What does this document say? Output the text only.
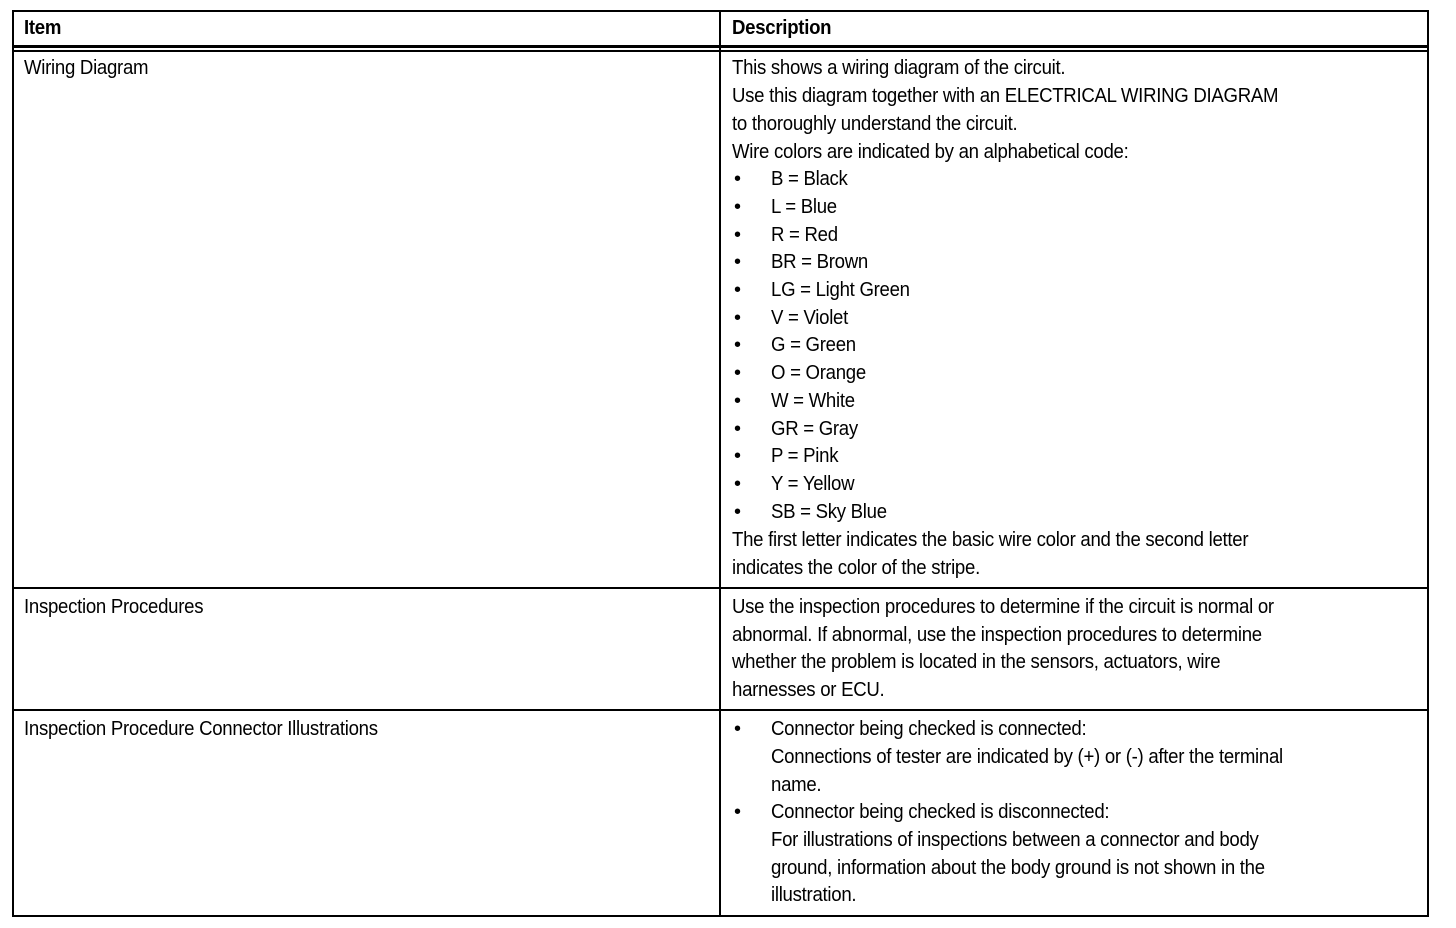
Item	Description
Wiring Diagram	This shows a wiring diagram of the circuit.
Use this diagram together with an ELECTRICAL WIRING DIAGRAM
to thoroughly understand the circuit.
Wire colors are indicated by an alphabetical code:
• B = Black
• L = Blue
• R = Red
• BR = Brown
• LG = Light Green
• V = Violet
• G = Green
• O = Orange
• W = White
• GR = Gray
• P = Pink
• Y = Yellow
• SB = Sky Blue
The first letter indicates the basic wire color and the second letter
indicates the color of the stripe.
Inspection Procedures	Use the inspection procedures to determine if the circuit is normal or
abnormal. If abnormal, use the inspection procedures to determine
whether the problem is located in the sensors, actuators, wire
harnesses or ECU.
Inspection Procedure Connector Illustrations	• Connector being checked is connected:
Connections of tester are indicated by (+) or (-) after the terminal
name.
• Connector being checked is disconnected:
For illustrations of inspections between a connector and body
ground, information about the body ground is not shown in the
illustration.
